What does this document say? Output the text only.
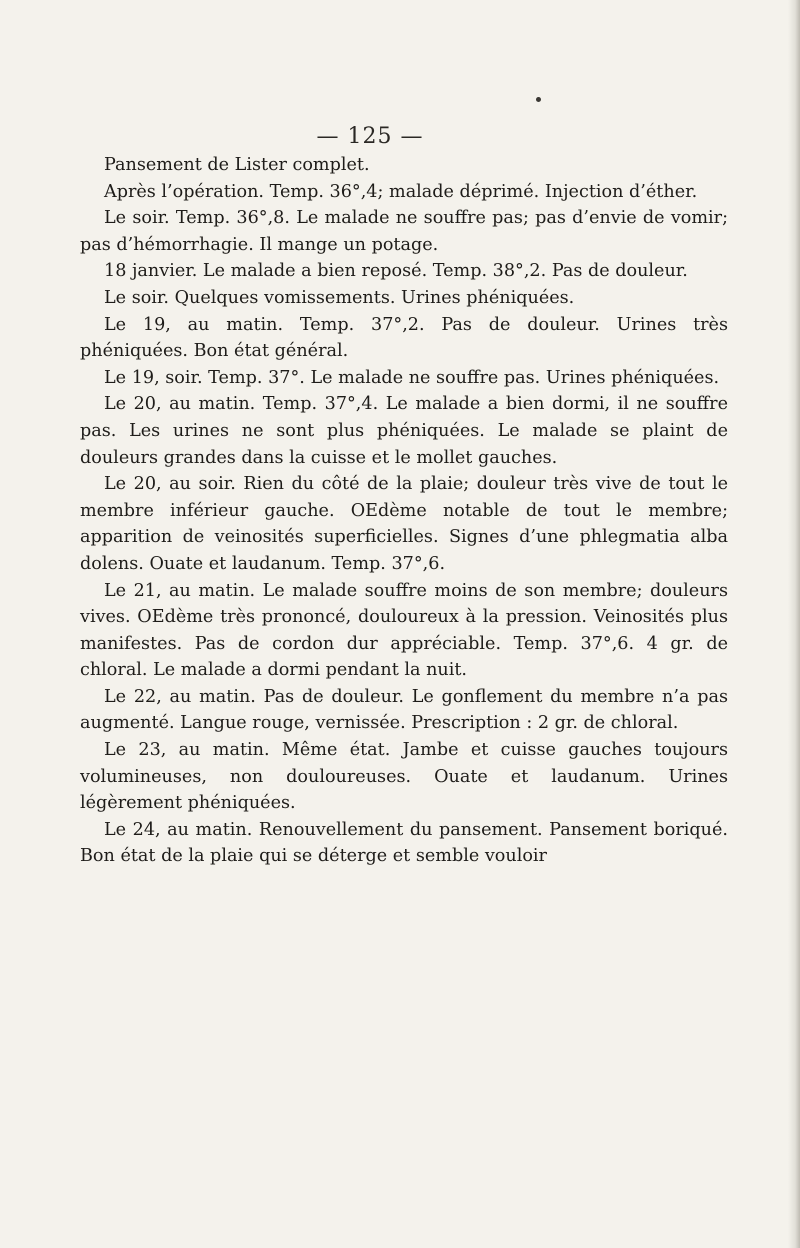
— 125 —

Pansement de Lister complet.

Après l’opération. Temp. 36°,4; malade déprimé. Injection d’éther.

Le soir. Temp. 36°,8. Le malade ne souffre pas; pas d’envie de vomir; pas d’hémorrhagie. Il mange un potage.

18 janvier. Le malade a bien reposé. Temp. 38°,2. Pas de douleur.

Le soir. Quelques vomissements. Urines phéniquées.

Le 19, au matin. Temp. 37°,2. Pas de douleur. Urines très phéniquées. Bon état général.

Le 19, soir. Temp. 37°. Le malade ne souffre pas. Urines phéniquées.

Le 20, au matin. Temp. 37°,4. Le malade a bien dormi, il ne souffre pas. Les urines ne sont plus phéniquées. Le malade se plaint de douleurs grandes dans la cuisse et le mollet gauches.

Le 20, au soir. Rien du côté de la plaie; douleur très vive de tout le membre inférieur gauche. OEdème notable de tout le membre; apparition de veinosités superficielles. Signes d’une phlegmatia alba dolens. Ouate et laudanum. Temp. 37°,6.

Le 21, au matin. Le malade souffre moins de son membre; douleurs vives. OEdème très prononcé, douloureux à la pression. Veinosités plus manifestes. Pas de cordon dur appréciable. Temp. 37°,6. 4 gr. de chloral. Le malade a dormi pendant la nuit.

Le 22, au matin. Pas de douleur. Le gonflement du membre n’a pas augmenté. Langue rouge, vernissée. Prescription : 2 gr. de chloral.

Le 23, au matin. Même état. Jambe et cuisse gauches toujours volumineuses, non douloureuses. Ouate et laudanum. Urines légèrement phéniquées.

Le 24, au matin. Renouvellement du pansement. Pansement boriqué. Bon état de la plaie qui se déterge et semble vouloir
